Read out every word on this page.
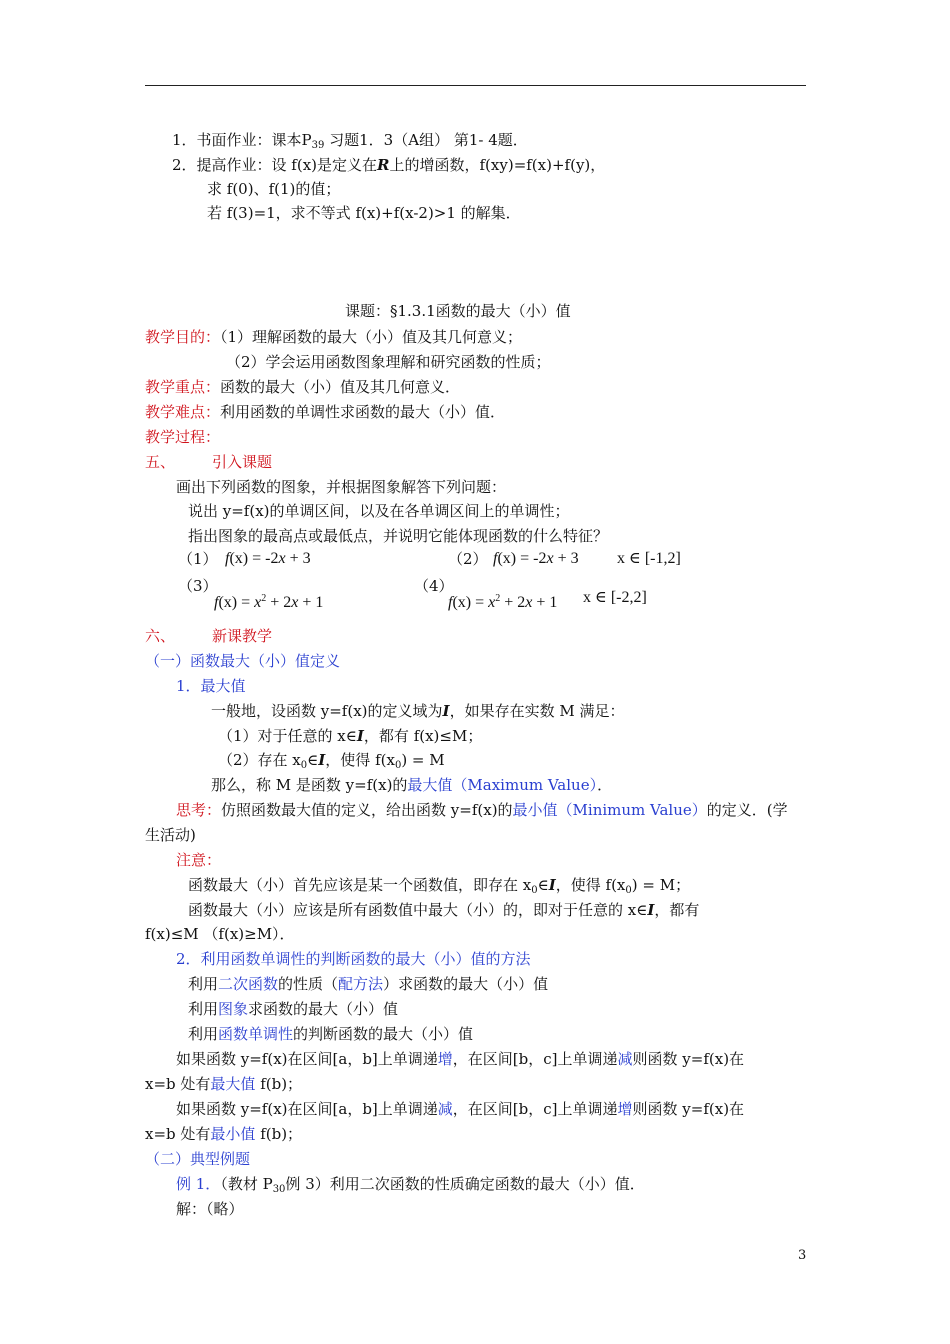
1．书面作业：课本$P_{39}$ 习题1．3（A组） 第1- 4题．
2．提高作业：设 f(x)是定义在R上的增函数，f(xy)=f(x)+f(y)，
求 f(0)、f(1)的值；
若 f(3)=1，求不等式 f(x)+f(x-2)>1 的解集．
课题：§1.3.1函数的最大（小）值
教学目的：（1）理解函数的最大（小）值及其几何意义；
（2）学会运用函数图象理解和研究函数的性质；
教学重点：函数的最大（小）值及其几何意义．
教学难点：利用函数的单调性求函数的最大（小）值．
教学过程：
五、 引入课题
画出下列函数的图象，并根据图象解答下列问题：
说出 y=f(x)的单调区间，以及在各单调区间上的单调性；
指出图象的最高点或最低点，并说明它能体现函数的什么特征？
（1） f(x) = -2x + 3	（2） f(x) = -2x + 3 x ∈ [-1,2]
（3）
$f(x) = x^2 + 2x + 1$
（4）
$f(x) = x^2 + 2x + 1$ x ∈ [-2,2]
六、 新课教学
（一）函数最大（小）值定义
1．最大值
一般地，设函数 y=f(x)的定义域为I，如果存在实数 M 满足：
（1）对于任意的 x∈I，都有 f(x)≤M；
（2）存在 $x_0\in I$，使得 $f(x_0) = M$
那么，称 M 是函数 y=f(x)的最大值（Maximum Value）．
思考：仿照函数最大值的定义，给出函数 y=f(x)的最小值（Minimum Value）的定义．(学
生活动)
注意：
函数最大（小）首先应该是某一个函数值，即存在 $x_0\in I$，使得 $f(x_0) = M$；
函数最大（小）应该是所有函数值中最大（小）的，即对于任意的 x∈I，都有
f(x)≤M （f(x)≥M）．
2．利用函数单调性的判断函数的最大（小）值的方法
利用二次函数的性质（配方法）求函数的最大（小）值
利用图象求函数的最大（小）值
利用函数单调性的判断函数的最大（小）值
如果函数 y=f(x)在区间[a，b]上单调递增，在区间[b，c]上单调递减则函数 y=f(x)在
x=b 处有最大值 f(b)；
如果函数 y=f(x)在区间[a，b]上单调递减，在区间[b，c]上单调递增则函数 y=f(x)在
x=b 处有最小值 f(b)；
（二）典型例题
例 1．（教材 $P_{30}$例 3）利用二次函数的性质确定函数的最大（小）值．
解：（略）
3
